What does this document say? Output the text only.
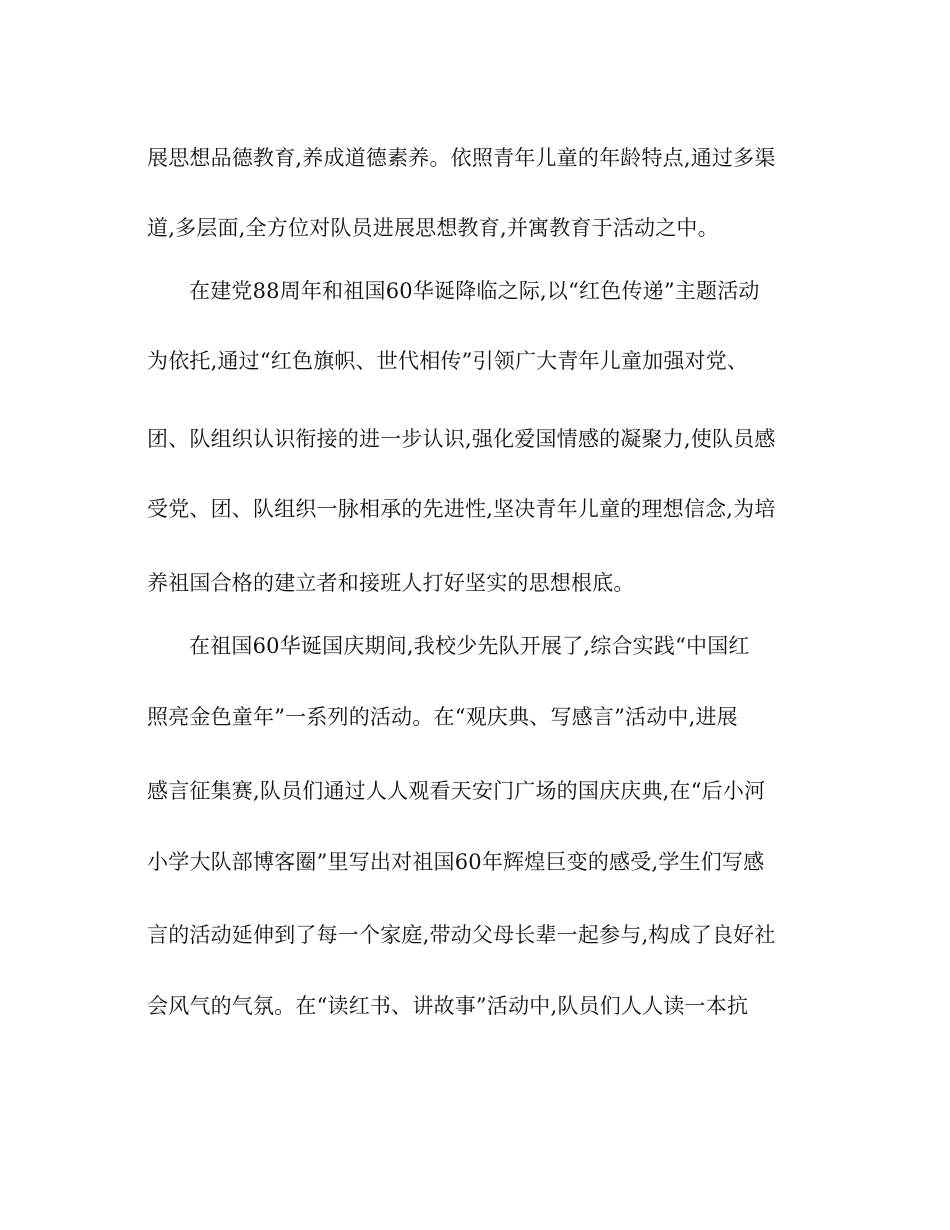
展思想品德教育,养成道德素养。依照青年儿童的年龄特点,通过多渠
道,多层面,全方位对队员进展思想教育,并寓教育于活动之中。
在建党88周年和祖国60华诞降临之际,以“红色传递”主题活动
为依托,通过“红色旗帜、世代相传”引领广大青年儿童加强对党、
团、队组织认识衔接的进一步认识,强化爱国情感的凝聚力,使队员感
受党、团、队组织一脉相承的先进性,坚决青年儿童的理想信念,为培
养祖国合格的建立者和接班人打好坚实的思想根底。
在祖国60华诞国庆期间,我校少先队开展了,综合实践“中国红
照亮金色童年”一系列的活动。在“观庆典、写感言”活动中,进展
感言征集赛,队员们通过人人观看天安门广场的国庆庆典,在“后小河
小学大队部博客圈”里写出对祖国60年辉煌巨变的感受,学生们写感
言的活动延伸到了每一个家庭,带动父母长辈一起参与,构成了良好社
会风气的气氛。在“读红书、讲故事”活动中,队员们人人读一本抗
